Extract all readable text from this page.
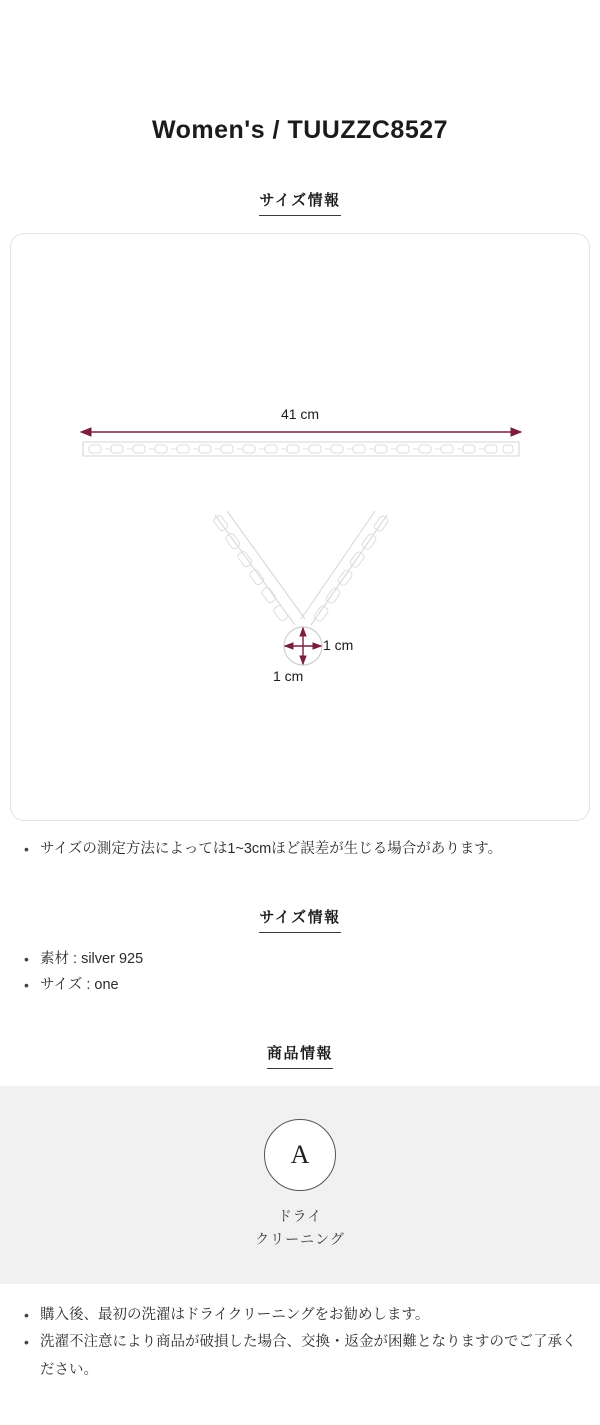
Women's / TUUZZC8527
サイズ情報
41 cm
1 cm
1 cm
• サイズの測定方法によっては1~3cmほど誤差が生じる場合があります。
サイズ情報
• 素材 : silver 925
• サイズ : one
商品情報
A
ドライ
クリーニング
• 購入後、最初の洗濯はドライクリーニングをお勧めします。
• 洗濯不注意により商品が破損した場合、交換・返金が困難となりますのでご了承ください。
